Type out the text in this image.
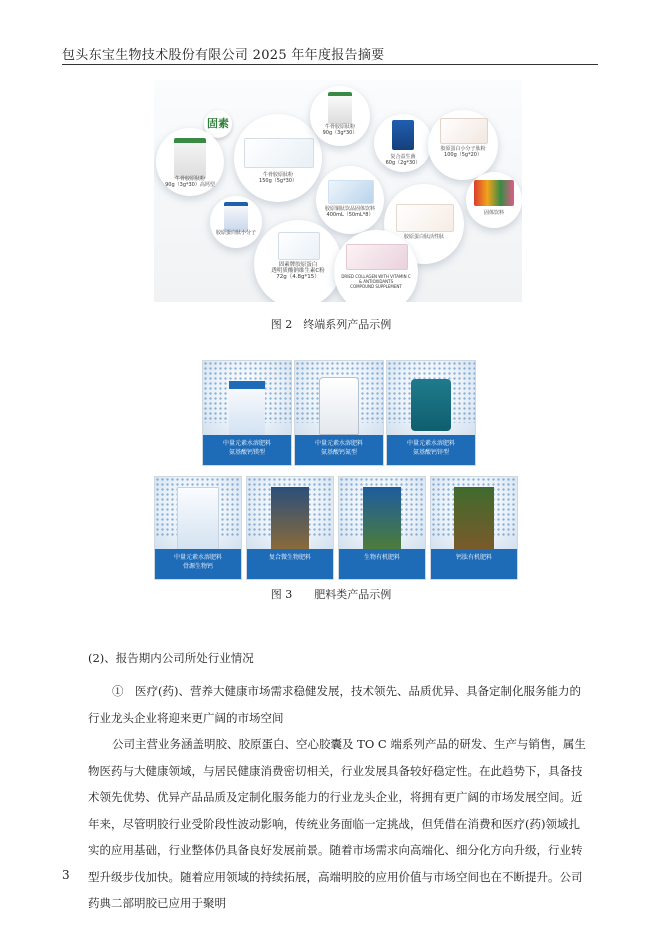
包头东宝生物技术股份有限公司 2025 年年度报告摘要
固素
牛骨胶原肽粉
90g（3g*30）高钙型
牛骨胶原肽粉
150g（5g*30）
牛骨胶原肽粉
90g（3g*30）
复合益生菌
60g（2g*30）
胶原蛋白小分子肽粉
100g（5g*20）
胶原蛋白肽小分子
胶原铜肽饮品固体饮料
400mL（50mL*8）
胶原蛋白肽活性肽
固体饮料
固素牌胶原蛋白
透明质酸钠维生素C粉
72g（4.8g*15）	DRIED COLLAGEN WITH VITAMIN C & ANTIOXIDANTS
COMPOUND SUPPLEMENT
图 2　终端系列产品示例
中量元素水溶肥料
氨基酸钙镁型
中量元素水溶肥料
氨基酸钙氮型
中量元素水溶肥料
氨基酸钙锌型
中量元素水溶肥料
骨源生物钙
复合微生物肥料	生物有机肥料	钙肽有机肥料
图 3　　肥料类产品示例
(2)、报告期内公司所处行业情况
①　医疗(药)、营养大健康市场需求稳健发展，技术领先、品质优异、具备定制化服务能力的行业龙头企业将迎来更广阔的市场空间
公司主营业务涵盖明胶、胶原蛋白、空心胶囊及 TO C 端系列产品的研发、生产与销售，属生物医药与大健康领域，与居民健康消费密切相关，行业发展具备较好稳定性。在此趋势下，具备技术领先优势、优异产品品质及定制化服务能力的行业龙头企业，将拥有更广阔的市场发展空间。近年来，尽管明胶行业受阶段性波动影响，传统业务面临一定挑战，但凭借在消费和医疗(药)领域扎实的应用基础，行业整体仍具备良好发展前景。随着市场需求向高端化、细分化方向升级，行业转型升级步伐加快。随着应用领域的持续拓展，高端明胶的应用价值与市场空间也在不断提升。公司药典二部明胶已应用于聚明
3
